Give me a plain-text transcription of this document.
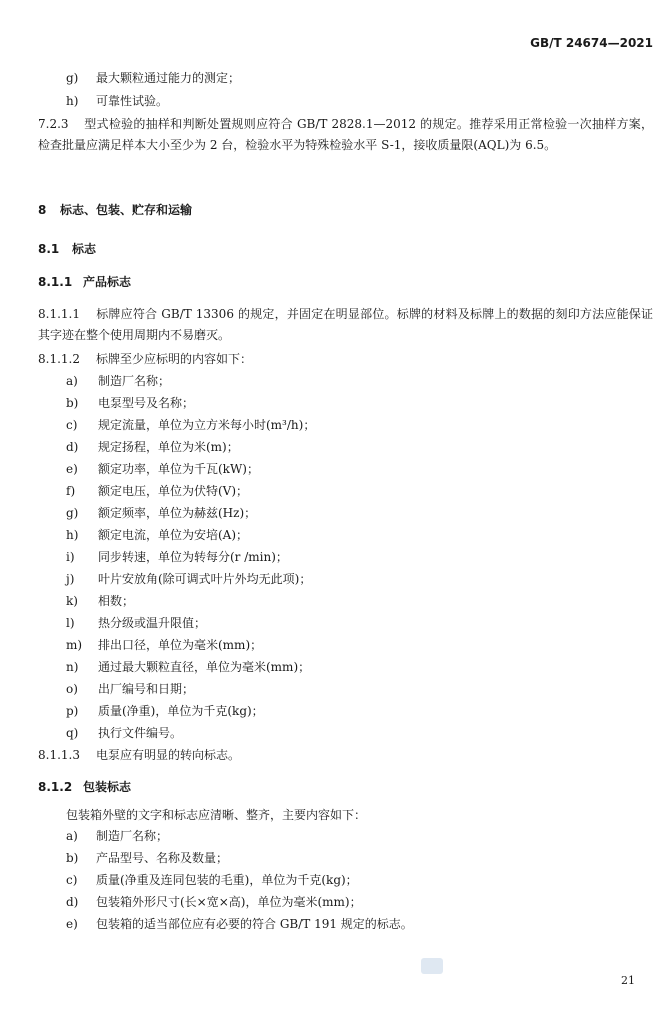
GB/T 24674—2021
g) 最大颗粒通过能力的测定；
h) 可靠性试验。
7.2.3 型式检验的抽样和判断处置规则应符合 GB/T 2828.1—2012 的规定。推荐采用正常检验一次抽样方案，检查批量应满足样本大小至少为 2 台，检验水平为特殊检验水平 S-1，接收质量限(AQL)为 6.5。
8 标志、包装、贮存和运输
8.1 标志
8.1.1 产品标志
8.1.1.1 标牌应符合 GB/T 13306 的规定，并固定在明显部位。标牌的材料及标牌上的数据的刻印方法应能保证其字迹在整个使用周期内不易磨灭。
8.1.1.2 标牌至少应标明的内容如下：
a) 制造厂名称；
b) 电泵型号及名称；
c) 规定流量，单位为立方米每小时(m³/h)；
d) 规定扬程，单位为米(m)；
e) 额定功率，单位为千瓦(kW)；
f) 额定电压，单位为伏特(V)；
g) 额定频率，单位为赫兹(Hz)；
h) 额定电流，单位为安培(A)；
i) 同步转速，单位为转每分(r /min)；
j) 叶片安放角(除可调式叶片外均无此项)；
k) 相数；
l) 热分级或温升限值；
m) 排出口径，单位为毫米(mm)；
n) 通过最大颗粒直径，单位为毫米(mm)；
o) 出厂编号和日期；
p) 质量(净重)，单位为千克(kg)；
q) 执行文件编号。
8.1.1.3 电泵应有明显的转向标志。
8.1.2 包装标志
包装箱外壁的文字和标志应清晰、整齐，主要内容如下：
a) 制造厂名称；
b) 产品型号、名称及数量；
c) 质量(净重及连同包装的毛重)，单位为千克(kg)；
d) 包装箱外形尺寸(长×宽×高)，单位为毫米(mm)；
e) 包装箱的适当部位应有必要的符合 GB/T 191 规定的标志。
21
